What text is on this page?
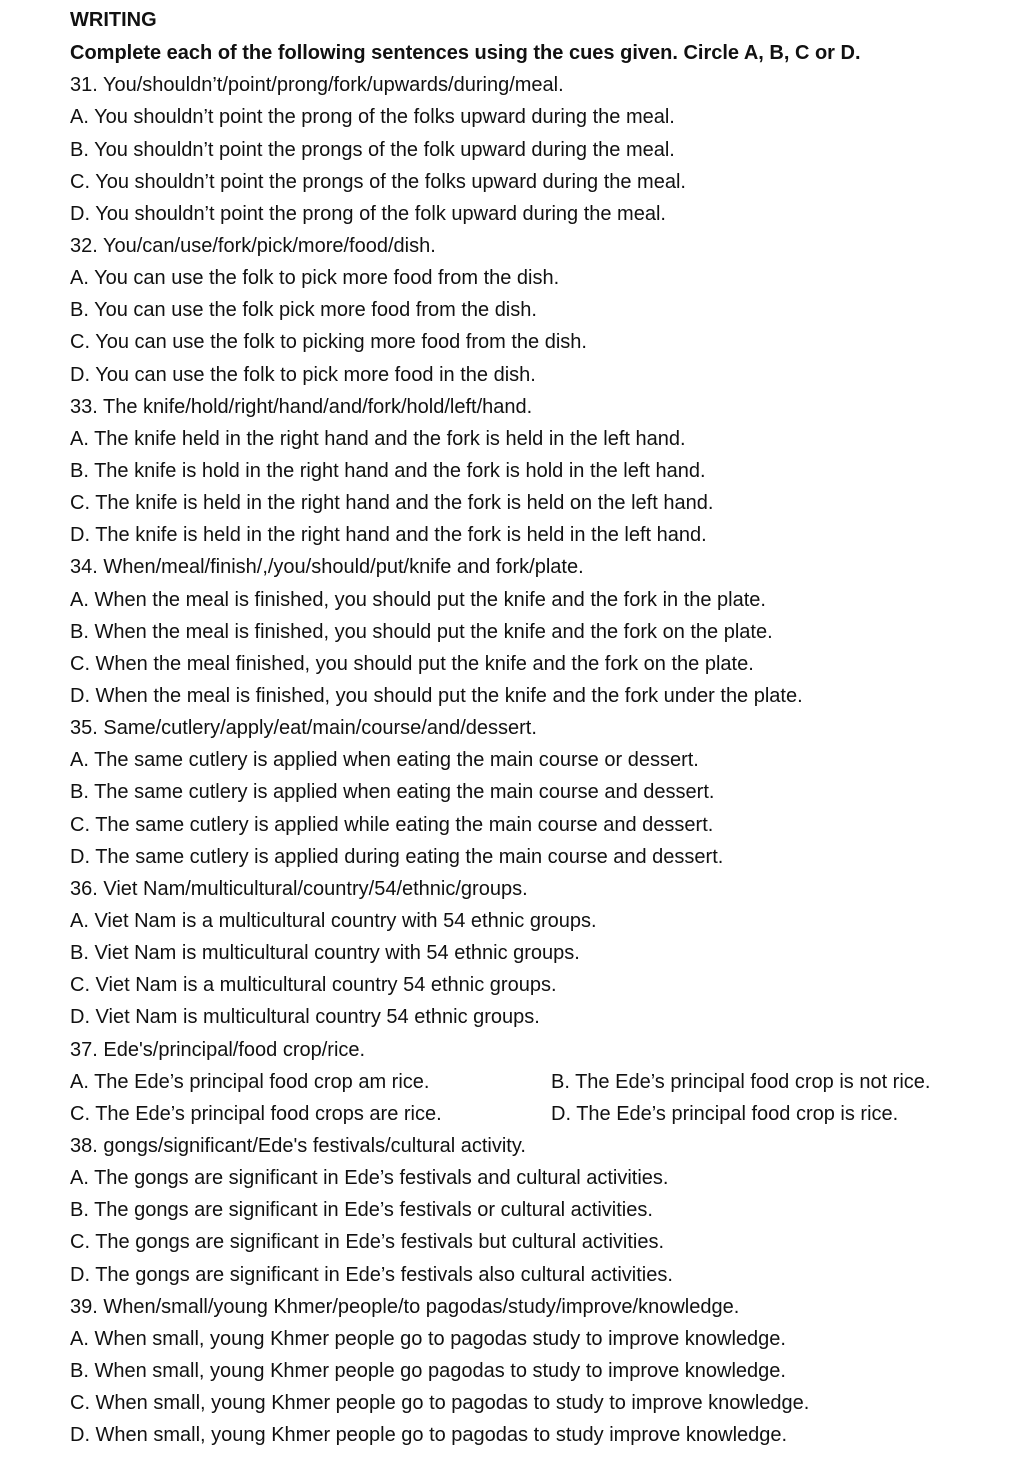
WRITING
Complete each of the following sentences using the cues given. Circle A, B, C or D.
31. You/shouldn’t/point/prong/fork/upwards/during/meal.
A. You shouldn’t point the prong of the folks upward during the meal.
B. You shouldn’t point the prongs of the folk upward during the meal.
C. You shouldn’t point the prongs of the folks upward during the meal.
D. You shouldn’t point the prong of the folk upward during the meal.
32. You/can/use/fork/pick/more/food/dish.
A. You can use the folk to pick more food from the dish.
B. You can use the folk pick more food from the dish.
C. You can use the folk to picking more food from the dish.
D. You can use the folk to pick more food in the dish.
33. The knife/hold/right/hand/and/fork/hold/left/hand.
A. The knife held in the right hand and the fork is held in the left hand.
B. The knife is hold in the right hand and the fork is hold in the left hand.
C. The knife is held in the right hand and the fork is held on the left hand.
D. The knife is held in the right hand and the fork is held in the left hand.
34. When/meal/finish/,/you/should/put/knife and fork/plate.
A. When the meal is finished, you should put the knife and the fork in the plate.
B. When the meal is finished, you should put the knife and the fork on the plate.
C. When the meal finished, you should put the knife and the fork on the plate.
D. When the meal is finished, you should put the knife and the fork under the plate.
35. Same/cutlery/apply/eat/main/course/and/dessert.
A. The same cutlery is applied when eating the main course or dessert.
B. The same cutlery is applied when eating the main course and dessert.
C. The same cutlery is applied while eating the main course and dessert.
D. The same cutlery is applied during eating the main course and dessert.
36. Viet Nam/multicultural/country/54/ethnic/groups.
A. Viet Nam is a multicultural country with 54 ethnic groups.
B. Viet Nam is multicultural country with 54 ethnic groups.
C. Viet Nam is a multicultural country 54 ethnic groups.
D. Viet Nam is multicultural country 54 ethnic groups.
37. Ede's/principal/food crop/rice.
A. The Ede’s principal food crop am rice.	B. The Ede’s principal food crop is not rice.
C. The Ede’s principal food crops are rice.	D. The Ede’s principal food crop is rice.
38. gongs/significant/Ede's festivals/cultural activity.
A. The gongs are significant in Ede’s festivals and cultural activities.
B. The gongs are significant in Ede’s festivals or cultural activities.
C. The gongs are significant in Ede’s festivals but cultural activities.
D. The gongs are significant in Ede’s festivals also cultural activities.
39. When/small/young Khmer/people/to pagodas/study/improve/knowledge.
A. When small, young Khmer people go to pagodas study to improve knowledge.
B. When small, young Khmer people go pagodas to study to improve knowledge.
C. When small, young Khmer people go to pagodas to study to improve knowledge.
D. When small, young Khmer people go to pagodas to study improve knowledge.
